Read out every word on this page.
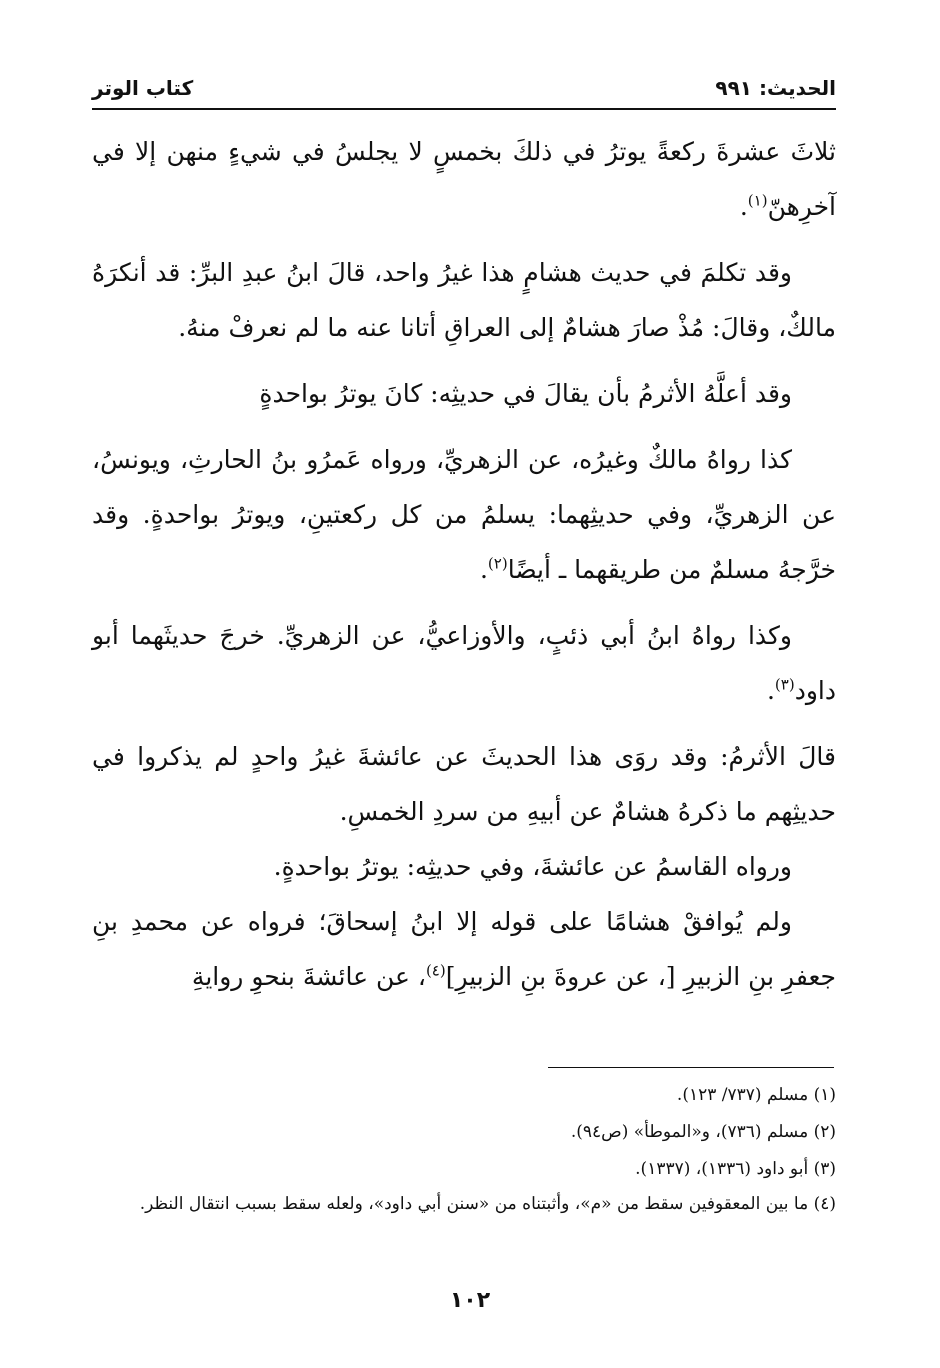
الحديث: ٩٩١
كتاب الوتر

ثلاثَ عشرةَ ركعةً يوترُ في ذلكَ بخمسٍ لا يجلسُ في شيءٍ منهن إلا في آخرِهنّ$^{(١)}$.

وقد تكلمَ في حديث هشامٍ هذا غيرُ واحد، قالَ ابنُ عبدِ البرِّ: قد أنكرَهُ مالكٌ، وقالَ: مُذْ صارَ هشامٌ إلى العراقِ أتانا عنه ما لم نعرفْ منهُ.

وقد أعلَّهُ الأثرمُ بأن يقالَ في حديثِه: كانَ يوترُ بواحدةٍ

كذا رواهُ مالكٌ وغيرُه، عن الزهريِّ، ورواه عَمرُو بنُ الحارثِ، ويونسُ، عن الزهريِّ، وفي حديثِهما: يسلمُ من كل ركعتينِ، ويوترُ بواحدةٍ. وقد خرَّجهُ مسلمٌ من طريقهما ـ أيضًا$^{(٢)}$.

وكذا رواهُ ابنُ أبي ذئبٍ، والأوزاعيُّ، عن الزهريِّ. خرجَ حديثَهما أبو داود$^{(٣)}$.

قالَ الأثرمُ: وقد روَى هذا الحديثَ عن عائشةَ غيرُ واحدٍ لم يذكروا في حديثِهم ما ذكرهُ هشامٌ عن أبيهِ من سردِ الخمسِ.

ورواه القاسمُ عن عائشةَ، وفي حديثِه: يوترُ بواحدةٍ.

ولم يُوافقْ هشامًا على قوله إلا ابنُ إسحاقَ؛ فرواه عن محمدِ بنِ جعفرِ بنِ الزبيرِ [، عن عروةَ بنِ الزبيرِ]$^{(٤)}$، عن عائشةَ بنحوِ روايةِ

(١) مسلم (٧٣٧/ ١٢٣).

(٢) مسلم (٧٣٦)، و«الموطأ» (ص٩٤).

(٣) أبو داود (١٣٣٦)، (١٣٣٧).

(٤) ما بين المعقوفين سقط من «م»، وأثبتناه من «سنن أبي داود»، ولعله سقط بسبب انتقال النظر.

١٠٢
